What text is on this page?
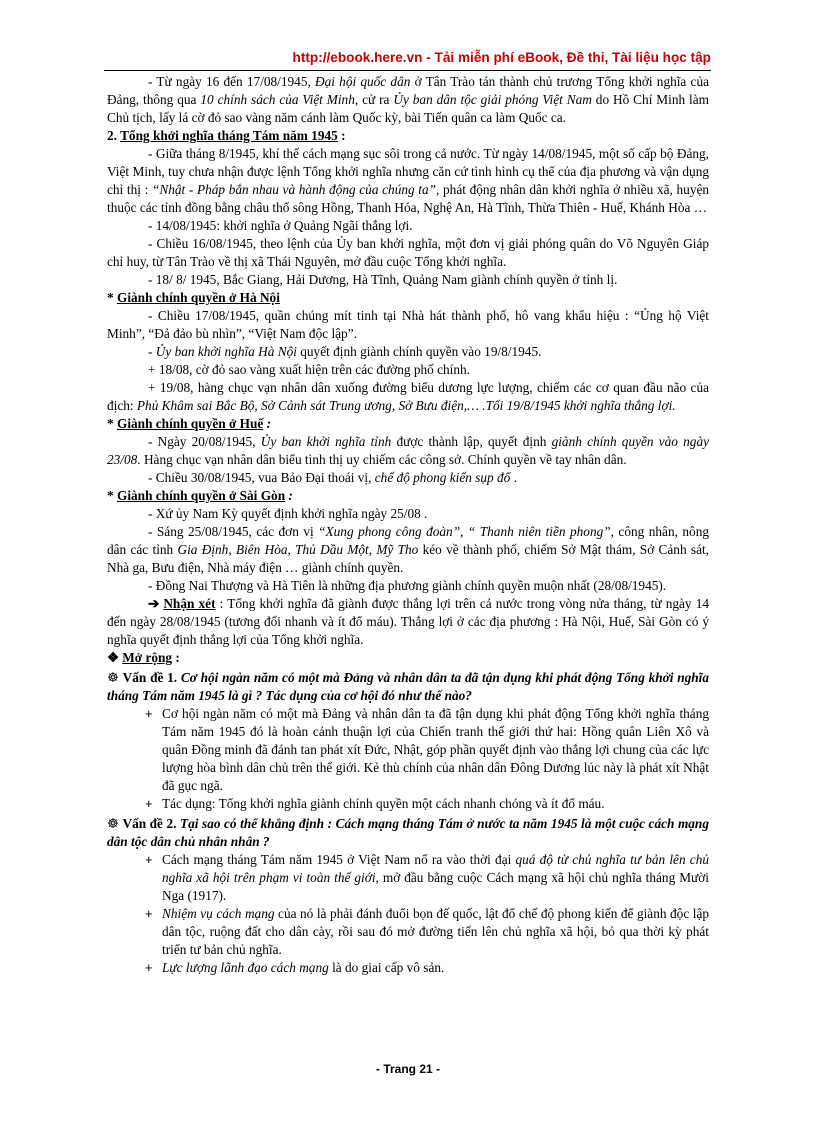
http://ebook.here.vn - Tải miễn phí eBook, Đề thi, Tài liệu học tập

- Từ ngày 16 đến 17/08/1945, Đại hội quốc dân ở Tân Trào tán thành chủ trương Tổng khởi nghĩa của Đảng, thông qua 10 chính sách của Việt Minh, cử ra Ủy ban dân tộc giải phóng Việt Nam do Hồ Chí Minh làm Chủ tịch, lấy lá cờ đỏ sao vàng năm cánh làm Quốc kỳ, bài Tiến quân ca làm Quốc ca.

2. Tổng khởi nghĩa tháng Tám năm 1945 :

- Giữa tháng 8/1945, khí thế cách mạng sục sôi trong cả nước. Từ ngày 14/08/1945, một số cấp bộ Đảng, Việt Minh, tuy chưa nhận được lệnh Tổng khởi nghĩa nhưng căn cứ tình hình cụ thể của địa phương và vận dụng chỉ thị : “Nhật - Pháp bắn nhau và hành động của chúng ta”, phát động nhân dân khởi nghĩa ở nhiều xã, huyện thuộc các tỉnh đồng bằng châu thổ sông Hồng, Thanh Hóa, Nghệ An, Hà Tĩnh, Thừa Thiên - Huế, Khánh Hòa …

- 14/08/1945: khởi nghĩa ở Quảng Ngãi thắng lợi.

- Chiều 16/08/1945, theo lệnh của Ủy ban khởi nghĩa, một đơn vị giải phóng quân do Võ Nguyên Giáp chỉ huy, từ Tân Trào về thị xã Thái Nguyên, mở đầu cuộc Tổng khởi nghĩa.

- 18/ 8/ 1945, Bắc Giang, Hải Dương, Hà Tĩnh, Quảng Nam giành chính quyền ở tỉnh lị.

* Giành chính quyền ở Hà Nội

- Chiều 17/08/1945, quần chúng mít tinh tại Nhà hát thành phố, hô vang khẩu hiệu : “Ủng hộ Việt Minh”, “Đả đảo bù nhìn”, “Việt Nam độc lập”.

- Ủy ban khởi nghĩa Hà Nội quyết định giành chính quyền vào 19/8/1945.

+ 18/08, cờ đỏ sao vàng xuất hiện trên các đường phố chính.

+ 19/08, hàng chục vạn nhân dân xuống đường biểu dương lực lượng, chiếm các cơ quan đầu não của địch: Phủ Khâm sai Bắc Bộ, Sở Cảnh sát Trung ương, Sở Bưu điện,… .Tối 19/8/1945 khởi nghĩa thắng lợi.

* Giành chính quyền ở Huế :

- Ngày 20/08/1945, Ủy ban khởi nghĩa tỉnh được thành lập, quyết định giành chính quyền vào ngày 23/08. Hàng chục vạn nhân dân biểu tình thị uy chiếm các công sở. Chính quyền về tay nhân dân.

- Chiều 30/08/1945, vua Bảo Đại thoái vị, chế độ phong kiến sụp đổ .

* Giành chính quyền ở Sài Gòn :

- Xứ ủy Nam Kỳ quyết định khởi nghĩa ngày 25/08 .

- Sáng 25/08/1945, các đơn vị “Xung phong công đoàn”, “ Thanh niên tiền phong”, công nhân, nông dân các tỉnh Gia Định, Biên Hòa, Thủ Dầu Một, Mỹ Tho kéo về thành phố, chiếm Sở Mật thám, Sở Cảnh sát, Nhà ga, Bưu điện, Nhà máy điện … giành chính quyền.

- Đồng Nai Thượng và Hà Tiên là những địa phương giành chính quyền muộn nhất (28/08/1945).

➔ Nhận xét : Tổng khởi nghĩa đã giành được thắng lợi trên cả nước trong vòng nửa tháng, từ ngày 14 đến ngày 28/08/1945 (tương đối nhanh và ít đổ máu). Thắng lợi ở các địa phương : Hà Nội, Huế, Sài Gòn có ý nghĩa quyết định thắng lợi của Tổng khởi nghĩa.

❖ Mở rộng :

☸ Vấn đề 1. Cơ hội ngàn năm có một mà Đảng và nhân dân ta đã tận dụng khi phát động Tổng khởi nghĩa tháng Tám năm 1945 là gì ? Tác dụng của cơ hội đó như thế nào?

+ Cơ hội ngàn năm có một mà Đảng và nhân dân ta đã tận dụng khi phát động Tổng khởi nghĩa tháng Tám năm 1945 đó là hoàn cảnh thuận lợi của Chiến tranh thế giới thứ hai: Hồng quân Liên Xô và quân Đồng minh đã đánh tan phát xít Đức, Nhật, góp phần quyết định vào thắng lợi chung của các lực lượng hòa bình dân chủ trên thế giới. Kẻ thù chính của nhân dân Đông Dương lúc này là phát xít Nhật đã gục ngã.

+ Tác dụng: Tổng khởi nghĩa giành chính quyền một cách nhanh chóng và ít đổ máu.

☸ Vấn đề 2. Tại sao có thể khẳng định : Cách mạng tháng Tám ở nước ta năm 1945 là một cuộc cách mạng dân tộc dân chủ nhân nhân ?

+ Cách mạng tháng Tám năm 1945 ở Việt Nam nổ ra vào thời đại quá độ từ chủ nghĩa tư bản lên chủ nghĩa xã hội trên phạm vi toàn thế giới, mở đầu bằng cuộc Cách mạng xã hội chủ nghĩa tháng Mười Nga (1917).

+ Nhiệm vụ cách mạng của nó là phải đánh đuổi bọn đế quốc, lật đổ chế độ phong kiến để giành độc lập dân tộc, ruộng đất cho dân cày, rồi sau đó mở đường tiến lên chủ nghĩa xã hội, bỏ qua thời kỳ phát triển tư bản chủ nghĩa.

+ Lực lượng lãnh đạo cách mạng là do giai cấp vô sản.

- Trang 21 -
